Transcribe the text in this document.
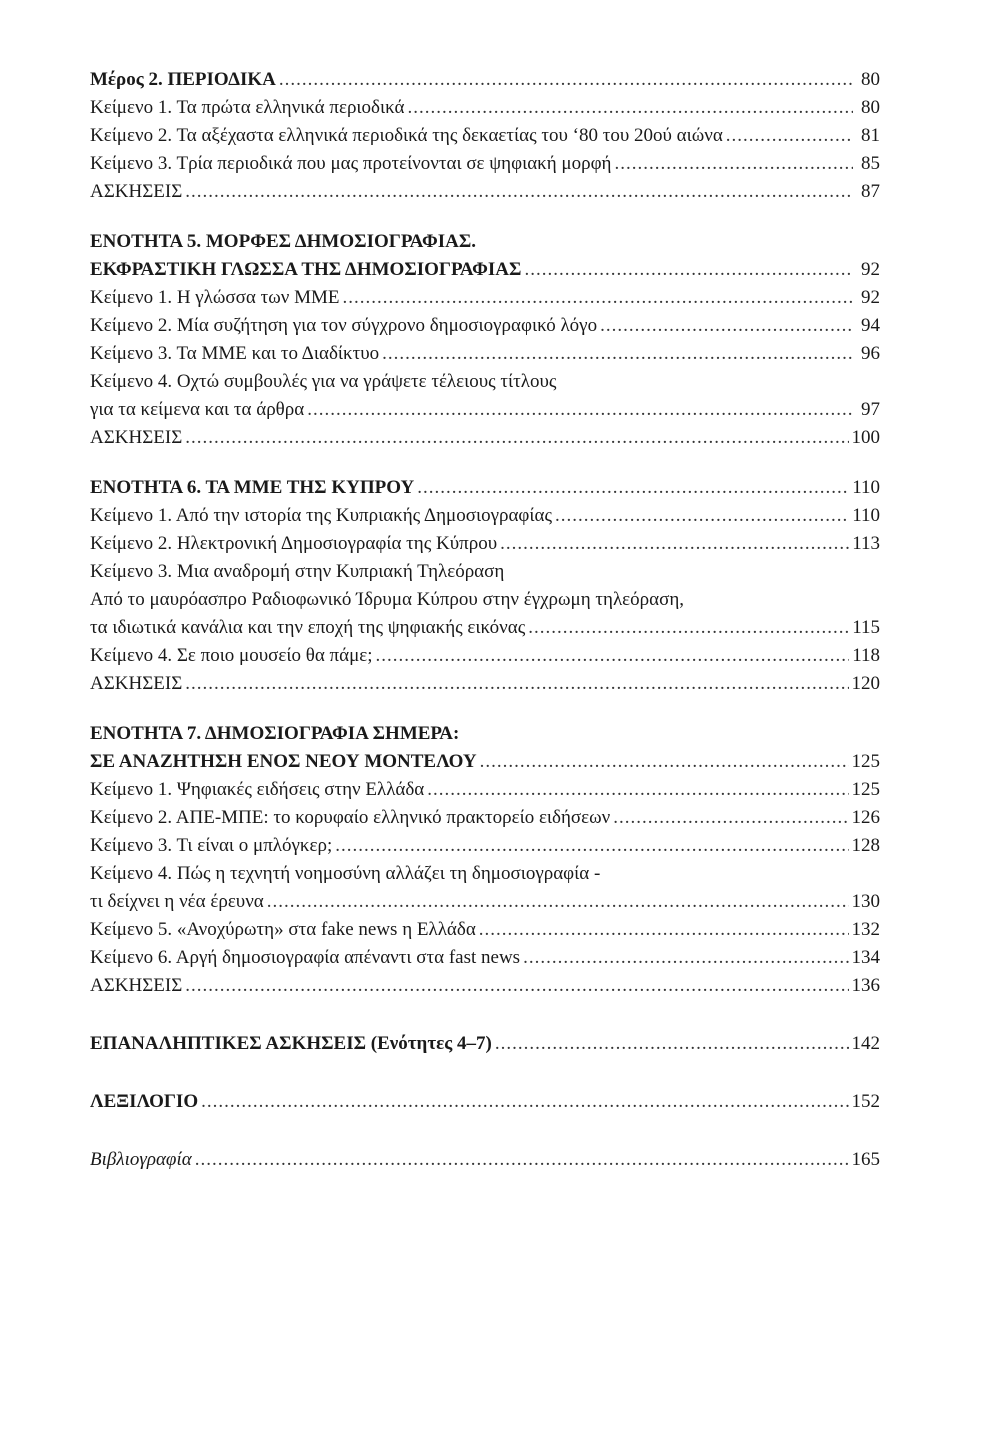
Μέρος 2. ΠΕΡΙΟΔΙΚΑ .....	80
Κείμενο 1. Τα πρώτα ελληνικά περιοδικά .....	80
Κείμενο 2. Τα αξέχαστα ελληνικά περιοδικά της δεκαετίας του ‘80 του 20ού αιώνα .....	81
Κείμενο 3. Τρία περιοδικά που μας προτείνονται σε ψηφιακή μορφή .....	85
ΑΣΚΗΣΕΙΣ .....	87
ΕΝΟΤΗΤΑ 5. ΜΟΡΦΕΣ ΔΗΜΟΣΙΟΓΡΑΦΙΑΣ.
ΕΚΦΡΑΣΤΙΚΗ ΓΛΩΣΣΑ ΤΗΣ ΔΗΜΟΣΙΟΓΡΑΦΙΑΣ .....	92
Κείμενο 1. Η γλώσσα των ΜΜΕ .....	92
Κείμενο 2. Μία συζήτηση για τον σύγχρονο δημοσιογραφικό λόγο .....	94
Κείμενο 3. Τα ΜΜΕ και το Διαδίκτυο .....	96
Κείμενο 4. Οχτώ συμβουλές για να γράψετε τέλειους τίτλους
για τα κείμενα και τα άρθρα .....	97
ΑΣΚΗΣΕΙΣ .....	100
ΕΝΟΤΗΤΑ 6. ΤΑ ΜΜΕ ΤΗΣ ΚΥΠΡΟΥ .....	110
Κείμενο 1. Από την ιστορία της Κυπριακής Δημοσιογραφίας .....	110
Κείμενο 2. Ηλεκτρονική Δημοσιογραφία της Κύπρου .....	113
Κείμενο 3. Μια αναδρομή στην Κυπριακή Τηλεόραση
Από το μαυρόασπρο Ραδιοφωνικό Ίδρυμα Κύπρου στην έγχρωμη τηλεόραση,
τα ιδιωτικά κανάλια και την εποχή της ψηφιακής εικόνας .....	115
Κείμενο 4. Σε ποιο μουσείο θα πάμε; .....	118
ΑΣΚΗΣΕΙΣ .....	120
ΕΝΟΤΗΤΑ 7. ΔΗΜΟΣΙΟΓΡΑΦΙΑ ΣΗΜΕΡΑ:
ΣΕ ΑΝΑΖΗΤΗΣΗ ΕΝΟΣ ΝΕΟΥ ΜΟΝΤΕΛΟΥ .....	125
Κείμενο 1. Ψηφιακές ειδήσεις στην Ελλάδα .....	125
Κείμενο 2. ΑΠΕ-ΜΠΕ: το κορυφαίο ελληνικό πρακτορείο ειδήσεων .....	126
Κείμενο 3. Τι είναι ο μπλόγκερ; .....	128
Κείμενο 4. Πώς η τεχνητή νοημοσύνη αλλάζει τη δημοσιογραφία -
τι δείχνει η νέα έρευνα .....	130
Κείμενο 5. «Ανοχύρωτη» στα fake news η Ελλάδα .....	132
Κείμενο 6. Αργή δημοσιογραφία απέναντι στα fast news .....	134
ΑΣΚΗΣΕΙΣ .....	136
ΕΠΑΝΑΛΗΠΤΙΚΕΣ ΑΣΚΗΣΕΙΣ (Ενότητες 4–7) .....	142
ΛΕΞΙΛΟΓΙΟ .....	152
Βιβλιογραφία .....	165
